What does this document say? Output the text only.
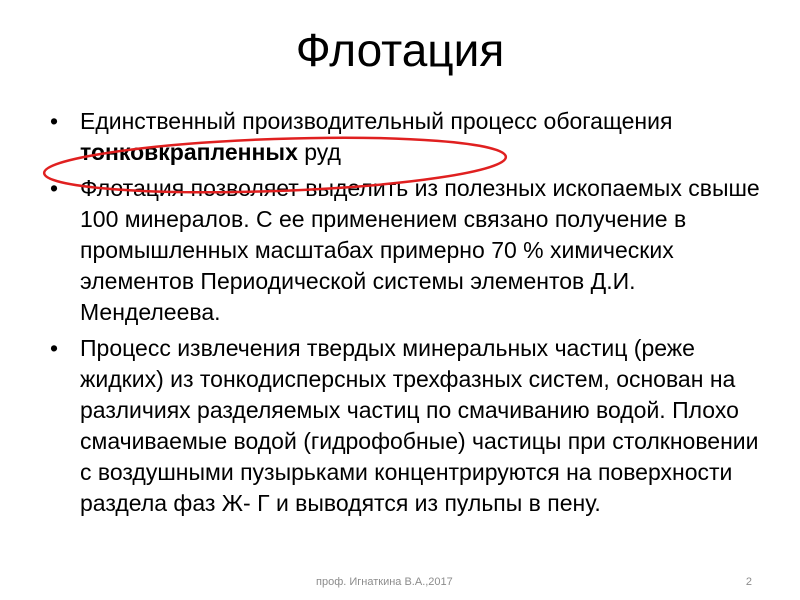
Флотация
• Единственный производительный процесс обогащения тонковкрапленных руд
• Флотация позволяет выделить из полезных ископаемых свыше 100 минералов. С ее применением связано получение в промышленных масштабах примерно 70 % химических элементов Периодической системы элементов Д.И. Менделеева.
• Процесс извлечения твердых минеральных частиц (реже жидких) из тонкодисперсных трехфазных систем, основан на различиях разделяемых частиц по смачиванию водой. Плохо смачиваемые водой (гидрофобные) частицы при столкновении с воздушными пузырьками концентрируются на поверхности раздела фаз Ж- Г и выводятся из пульпы в пену.
проф. Игнаткина В.А.,2017	2
